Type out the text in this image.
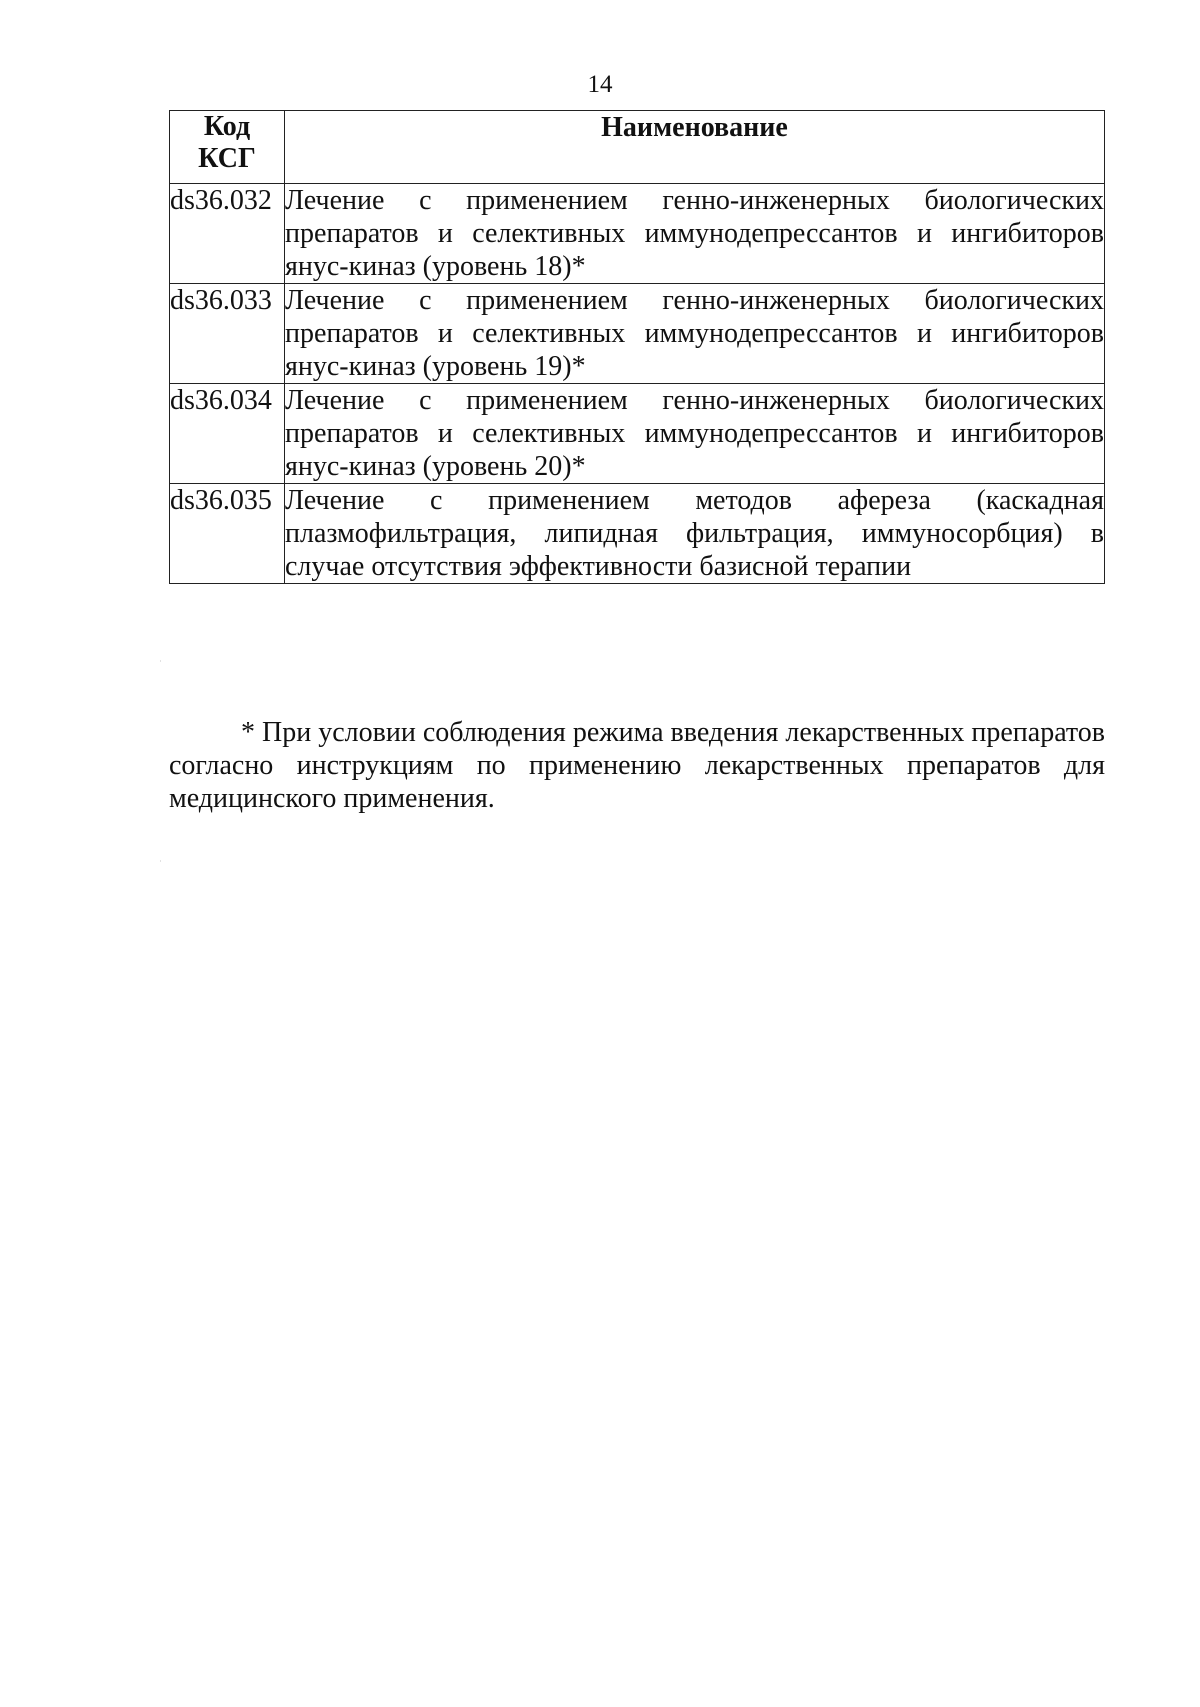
14
Код
КСГ	Наименование
ds36.032	Лечение с применением генно-инженерных биологических препаратов и селективных иммунодепрессантов и ингибиторов янус-киназ (уровень 18)*
ds36.033	Лечение с применением генно-инженерных биологических препаратов и селективных иммунодепрессантов и ингибиторов янус-киназ (уровень 19)*
ds36.034	Лечение с применением генно-инженерных биологических препаратов и селективных иммунодепрессантов и ингибиторов янус-киназ (уровень 20)*
ds36.035	Лечение с применением методов афереза (каскадная плазмофильтрация, липидная фильтрация, иммуносорбция) в случае отсутствия эффективности базисной терапии

* При условии соблюдения режима введения лекарственных препаратов согласно инструкциям по применению лекарственных препаратов для медицинского применения.
